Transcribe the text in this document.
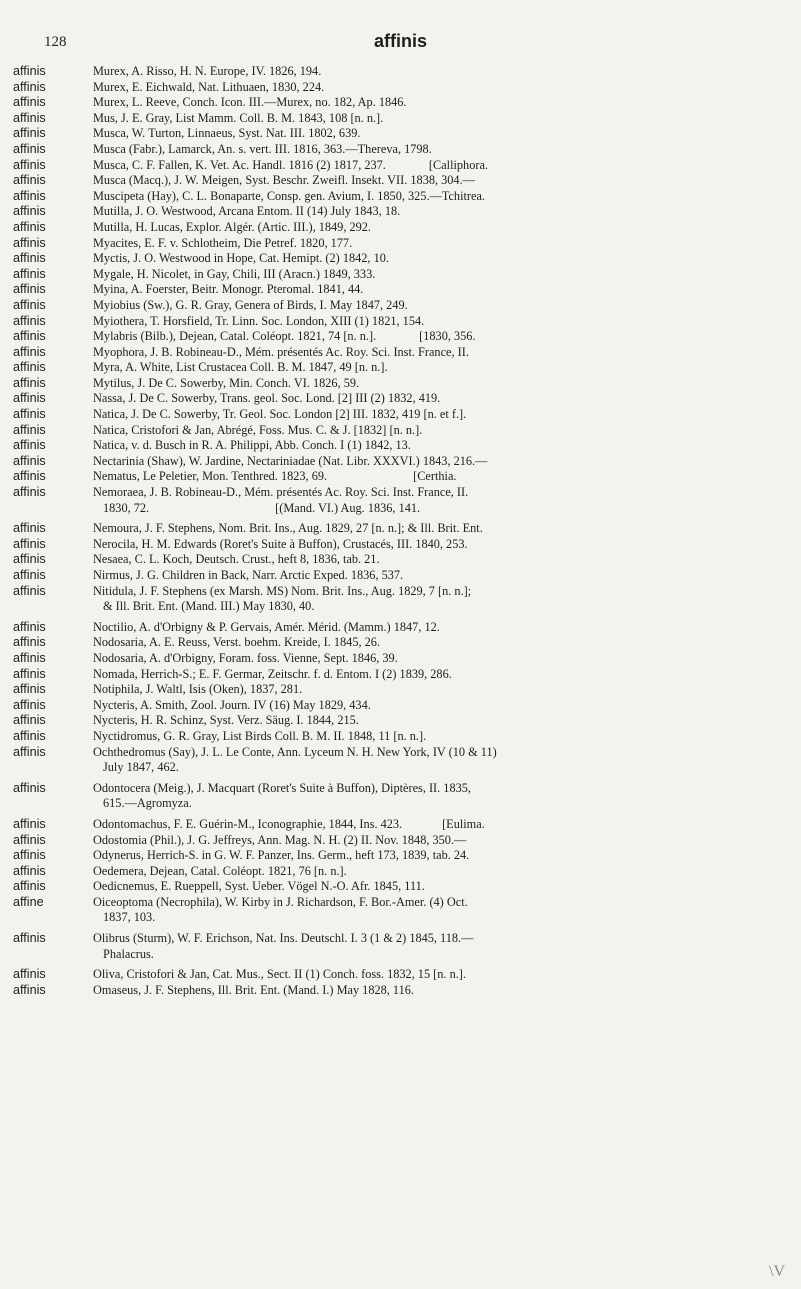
128	affinis
affinis	Murex, A. Risso, H. N. Europe, IV. 1826, 194.
affinis	Murex, E. Eichwald, Nat. Lithuaen, 1830, 224.
affinis	Murex, L. Reeve, Conch. Icon. III.—Murex, no. 182, Ap. 1846.
affinis	Mus, J. E. Gray, List Mamm. Coll. B. M. 1843, 108 [n. n.].
affinis	Musca, W. Turton, Linnaeus, Syst. Nat. III. 1802, 639.
affinis	Musca (Fabr.), Lamarck, An. s. vert. III. 1816, 363.—Thereva, 1798.
affinis	Musca, C. F. Fallen, K. Vet. Ac. Handl. 1816 (2) 1817, 237.              [Calliphora.
affinis	Musca (Macq.), J. W. Meigen, Syst. Beschr. Zweifl. Insekt. VII. 1838, 304.—
affinis	Muscipeta (Hay), C. L. Bonaparte, Consp. gen. Avium, I. 1850, 325.—Tchitrea.
affinis	Mutilla, J. O. Westwood, Arcana Entom. II (14) July 1843, 18.
affinis	Mutilla, H. Lucas, Explor. Algér. (Artic. III.), 1849, 292.
affinis	Myacites, E. F. v. Schlotheim, Die Petref. 1820, 177.
affinis	Myctis, J. O. Westwood in Hope, Cat. Hemipt. (2) 1842, 10.
affinis	Mygale, H. Nicolet, in Gay, Chili, III (Aracn.) 1849, 333.
affinis	Myina, A. Foerster, Beitr. Monogr. Pteromal. 1841, 44.
affinis	Myiobius (Sw.), G. R. Gray, Genera of Birds, I. May 1847, 249.
affinis	Myiothera, T. Horsfield, Tr. Linn. Soc. London, XIII (1) 1821, 154.
affinis	Mylabris (Bilb.), Dejean, Catal. Coléopt. 1821, 74 [n. n.].              [1830, 356.
affinis	Myophora, J. B. Robineau-D., Mém. présentés Ac. Roy. Sci. Inst. France, II.
affinis	Myra, A. White, List Crustacea Coll. B. M. 1847, 49 [n. n.].
affinis	Mytilus, J. De C. Sowerby, Min. Conch. VI. 1826, 59.
affinis	Nassa, J. De C. Sowerby, Trans. geol. Soc. Lond. [2] III (2) 1832, 419.
affinis	Natica, J. De C. Sowerby, Tr. Geol. Soc. London [2] III. 1832, 419 [n. et f.].
affinis	Natica, Cristofori & Jan, Abrégé, Foss. Mus. C. & J. [1832] [n. n.].
affinis	Natica, v. d. Busch in R. A. Philippi, Abb. Conch. I (1) 1842, 13.
affinis	Nectarinia (Shaw), W. Jardine, Nectariniadae (Nat. Libr. XXXVI.) 1843, 216.—
affinis	Nematus, Le Peletier, Mon. Tenthred. 1823, 69.                            [Certhia.
affinis	Nemoraea, J. B. Robineau-D., Mém. présentés Ac. Roy. Sci. Inst. France, II.
1830, 72.                                         [(Mand. VI.) Aug. 1836, 141.
affinis	Nemoura, J. F. Stephens, Nom. Brit. Ins., Aug. 1829, 27 [n. n.]; & Ill. Brit. Ent.
affinis	Nerocila, H. M. Edwards (Roret's Suite à Buffon), Crustacés, III. 1840, 253.
affinis	Nesaea, C. L. Koch, Deutsch. Crust., heft 8, 1836, tab. 21.
affinis	Nirmus, J. G. Children in Back, Narr. Arctic Exped. 1836, 537.
affinis	Nitidula, J. F. Stephens (ex Marsh. MS) Nom. Brit. Ins., Aug. 1829, 7 [n. n.];
& Ill. Brit. Ent. (Mand. III.) May 1830, 40.
affinis	Noctilio, A. d'Orbigny & P. Gervais, Amér. Mérid. (Mamm.) 1847, 12.
affinis	Nodosaria, A. E. Reuss, Verst. boehm. Kreide, I. 1845, 26.
affinis	Nodosaria, A. d'Orbigny, Foram. foss. Vienne, Sept. 1846, 39.
affinis	Nomada, Herrich-S.; E. F. Germar, Zeitschr. f. d. Entom. I (2) 1839, 286.
affinis	Notiphila, J. Waltl, Isis (Oken), 1837, 281.
affinis	Nycteris, A. Smith, Zool. Journ. IV (16) May 1829, 434.
affinis	Nycteris, H. R. Schinz, Syst. Verz. Säug. I. 1844, 215.
affinis	Nyctidromus, G. R. Gray, List Birds Coll. B. M. II. 1848, 11 [n. n.].
affinis	Ochthedromus (Say), J. L. Le Conte, Ann. Lyceum N. H. New York, IV (10 & 11)
July 1847, 462.
affinis	Odontocera (Meig.), J. Macquart (Roret's Suite à Buffon), Diptères, II. 1835,
615.—Agromyza.
affinis	Odontomachus, F. E. Guérin-M., Iconographie, 1844, Ins. 423.             [Eulima.
affinis	Odostomia (Phil.), J. G. Jeffreys, Ann. Mag. N. H. (2) II. Nov. 1848, 350.—
affinis	Odynerus, Herrich-S. in G. W. F. Panzer, Ins. Germ., heft 173, 1839, tab. 24.
affinis	Oedemera, Dejean, Catal. Coléopt. 1821, 76 [n. n.].
affinis	Oedicnemus, E. Rueppell, Syst. Ueber. Vögel N.-O. Afr. 1845, 111.
affine	Oiceoptoma (Necrophila), W. Kirby in J. Richardson, F. Bor.-Amer. (4) Oct.
1837, 103.
affinis	Olibrus (Sturm), W. F. Erichson, Nat. Ins. Deutschl. I. 3 (1 & 2) 1845, 118.—
Phalacrus.
affinis	Oliva, Cristofori & Jan, Cat. Mus., Sect. II (1) Conch. foss. 1832, 15 [n. n.].
affinis	Omaseus, J. F. Stephens, Ill. Brit. Ent. (Mand. I.) May 1828, 116.
\V
